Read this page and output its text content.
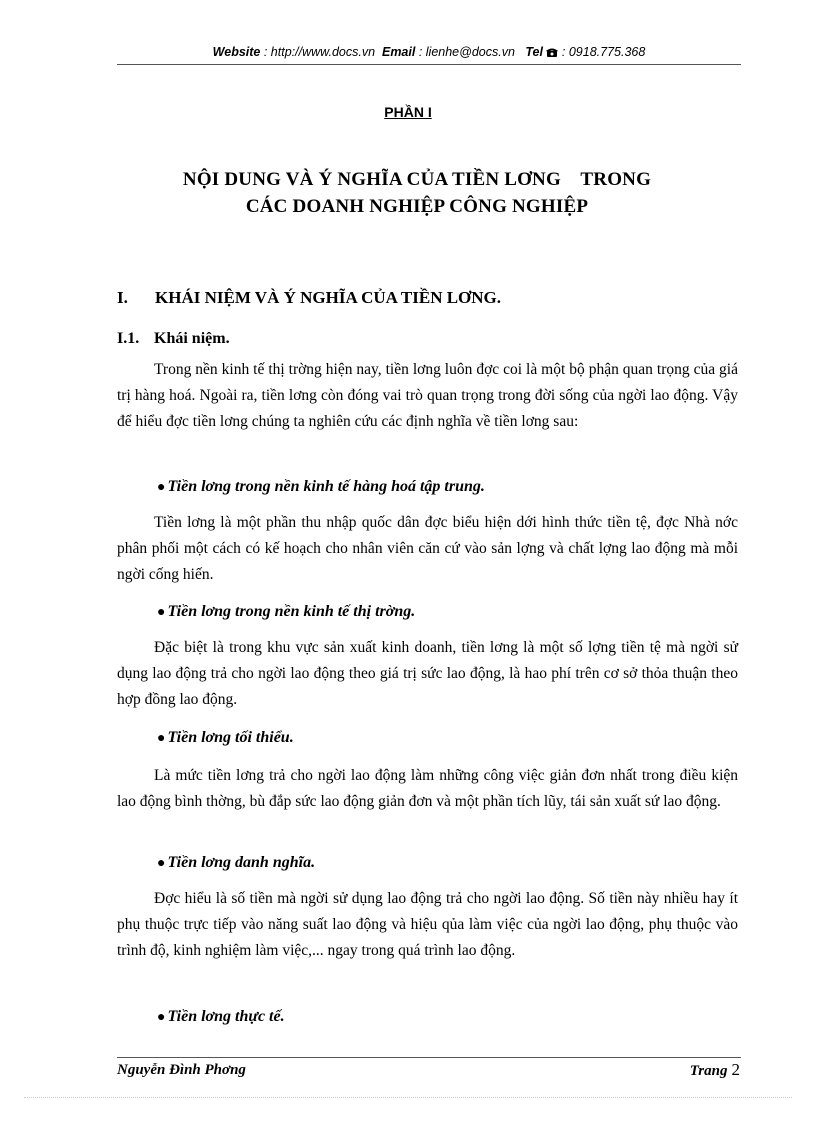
Website : http://www.docs.vn Email : lienhe@docs.vn Tel : 0918.775.368
PHẦN I
NỘI DUNG VÀ Ý NGHĨA CỦA TIỀN LƠNG    TRONG
CÁC DOANH NGHIỆP CÔNG NGHIỆP
I. KHÁI NIỆM VÀ Ý NGHĨA CỦA TIỀN LƠNG.
I.1. Khái niệm.

Trong nền kinh tế thị trờng hiện nay, tiền lơng luôn đợc coi là một bộ phận quan trọng của giá trị hàng hoá. Ngoài ra, tiền lơng còn đóng vai trò quan trọng trong đời sống của ngời lao động. Vậy để hiểu đợc tiền lơng chúng ta nghiên cứu các định nghĩa về tiền lơng sau:

● Tiền lơng trong nền kinh tế hàng hoá tập trung.

Tiền lơng là một phần thu nhập quốc dân đợc biểu hiện dới hình thức tiền tệ, đợc Nhà nớc phân phối một cách có kế hoạch cho nhân viên căn cứ vào sản lợng và chất lợng lao động mà mỗi ngời cống hiến.

● Tiền lơng trong nền kinh tế thị trờng.

Đặc biệt là trong khu vực sản xuất kinh doanh, tiền lơng là một số lợng tiền tệ mà ngời sử dụng lao động trả cho ngời lao động theo giá trị sức lao động, là hao phí trên cơ sở thỏa thuận theo hợp đồng lao động.

● Tiền lơng tối thiểu.

Là mức tiền lơng trả cho ngời lao động làm những công việc giản đơn nhất trong điều kiện lao động bình thờng, bù đắp sức lao động giản đơn và một phần tích lũy, tái sản xuất sứ lao động.

● Tiền lơng danh nghĩa.

Đợc hiểu là số tiền mà ngời sử dụng lao động trả cho ngời lao động. Số tiền này nhiều hay ít phụ thuộc trực tiếp vào năng suất lao động và hiệu qủa làm việc của ngời lao động, phụ thuộc vào trình độ, kinh nghiệm làm việc,... ngay trong quá trình lao động.

● Tiền lơng thực tế.

Nguyễn Đình Phơng	Trang 2
